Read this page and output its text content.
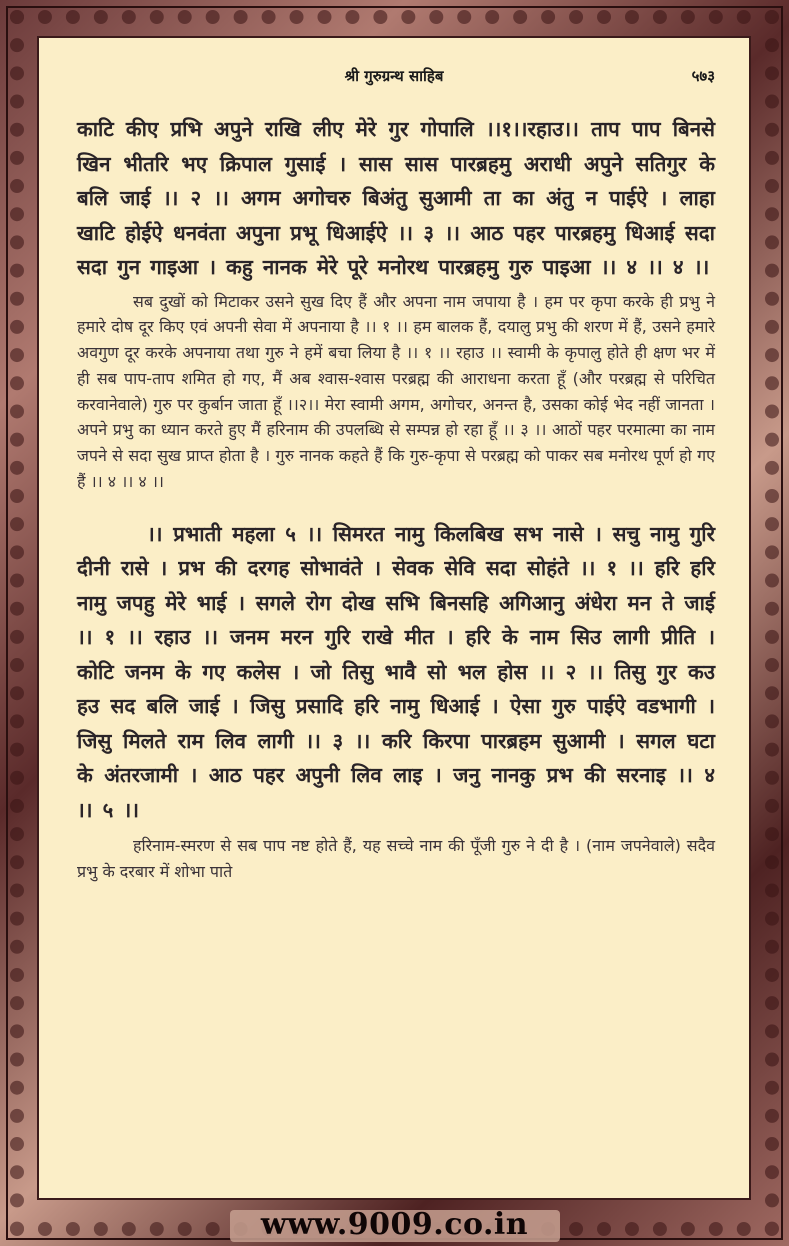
श्री गुरुग्रन्थ साहिब	५७३

काटि कीए प्रभि अपुने राखि लीए मेरे गुर गोपालि ।।१।।रहाउ।। ताप पाप बिनसे खिन भीतरि भए क्रिपाल गुसाई । सास सास पारब्रहमु अराधी अपुने सतिगुर के बलि जाई ।। २ ।। अगम अगोचरु बिअंतु सुआमी ता का अंतु न पाईऐ । लाहा खाटि होईऐ धनवंता अपुना प्रभू धिआईऐ ।। ३ ।। आठ पहर पारब्रहमु धिआई सदा सदा गुन गाइआ । कहु नानक मेरे पूरे मनोरथ पारब्रहमु गुरु पाइआ ।। ४ ।। ४ ।।

सब दुखों को मिटाकर उसने सुख दिए हैं और अपना नाम जपाया है । हम पर कृपा करके ही प्रभु ने हमारे दोष दूर किए एवं अपनी सेवा में अपनाया है ।। १ ।। हम बालक हैं, दयालु प्रभु की शरण में हैं, उसने हमारे अवगुण दूर करके अपनाया तथा गुरु ने हमें बचा लिया है ।। १ ।। रहाउ ।। स्वामी के कृपालु होते ही क्षण भर में ही सब पाप-ताप शमित हो गए, मैं अब श्वास-श्वास परब्रह्म की आराधना करता हूँ (और परब्रह्म से परिचित करवानेवाले) गुरु पर कुर्बान जाता हूँ ।।२।। मेरा स्वामी अगम, अगोचर, अनन्त है, उसका कोई भेद नहीं जानता । अपने प्रभु का ध्यान करते हुए मैं हरिनाम की उपलब्धि से सम्पन्न हो रहा हूँ ।। ३ ।। आठों पहर परमात्मा का नाम जपने से सदा सुख प्राप्त होता है । गुरु नानक कहते हैं कि गुरु-कृपा से परब्रह्म को पाकर सब मनोरथ पूर्ण हो गए हैं ।। ४ ।। ४ ।।

।। प्रभाती महला ५ ।। सिमरत नामु किलबिख सभ नासे । सचु नामु गुरि दीनी रासे । प्रभ की दरगह सोभावंते । सेवक सेवि सदा सोहंते ।। १ ।। हरि हरि नामु जपहु मेरे भाई । सगले रोग दोख सभि बिनसहि अगिआनु अंधेरा मन ते जाई ।। १ ।। रहाउ ।। जनम मरन गुरि राखे मीत । हरि के नाम सिउ लागी प्रीति । कोटि जनम के गए कलेस । जो तिसु भावै सो भल होस ।। २ ।। तिसु गुर कउ हउ सद बलि जाई । जिसु प्रसादि हरि नामु धिआई । ऐसा गुरु पाईऐ वडभागी । जिसु मिलते राम लिव लागी ।। ३ ।। करि किरपा पारब्रहम सुआमी । सगल घटा के अंतरजामी । आठ पहर अपुनी लिव लाइ । जनु नानकु प्रभ की सरनाइ ।। ४ ।। ५ ।।

हरिनाम-स्मरण से सब पाप नष्ट होते हैं, यह सच्चे नाम की पूँजी गुरु ने दी है । (नाम जपनेवाले) सदैव प्रभु के दरबार में शोभा पाते

www.9009.co.in
